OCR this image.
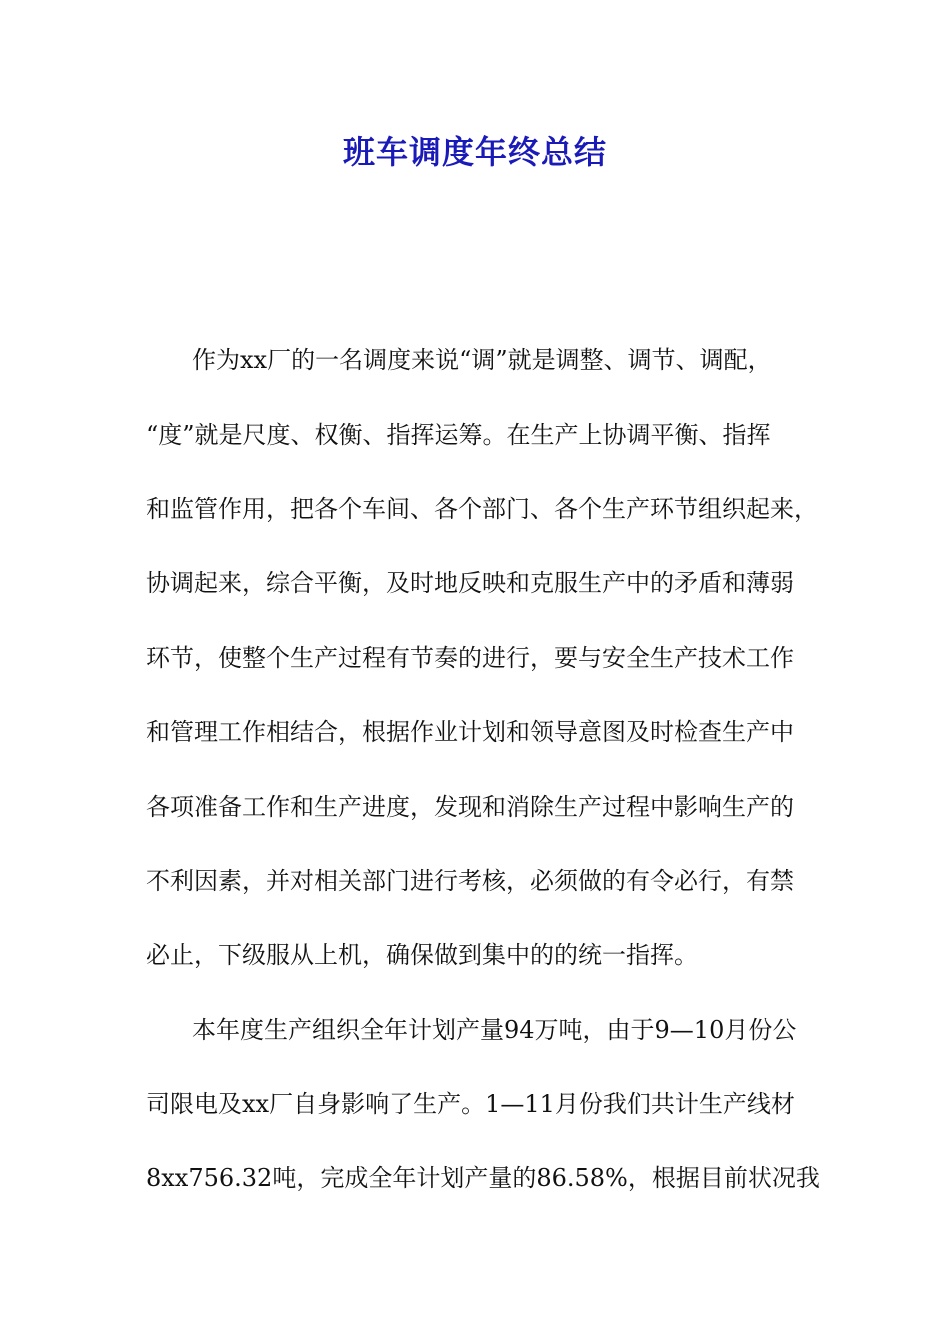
班车调度年终总结
作为xx厂的一名调度来说“调”就是调整、调节、调配，
“度”就是尺度、权衡、指挥运筹。在生产上协调平衡、指挥
和监管作用，把各个车间、各个部门、各个生产环节组织起来，
协调起来，综合平衡，及时地反映和克服生产中的矛盾和薄弱
环节，使整个生产过程有节奏的进行，要与安全生产技术工作
和管理工作相结合，根据作业计划和领导意图及时检查生产中
各项准备工作和生产进度，发现和消除生产过程中影响生产的
不利因素，并对相关部门进行考核，必须做的有令必行，有禁
必止，下级服从上机，确保做到集中的的统一指挥。
本年度生产组织全年计划产量94万吨，由于9—10月份公
司限电及xx厂自身影响了生产。1—11月份我们共计生产线材
8xx756.32吨，完成全年计划产量的86.58%，根据目前状况我
